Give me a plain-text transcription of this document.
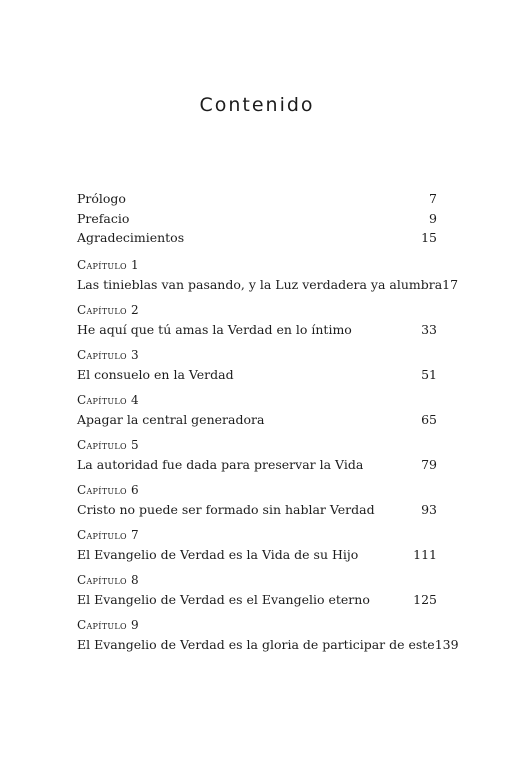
Contenido
Prólogo	7
Prefacio	9
Agradecimientos	15
Capítulo 1
Las tinieblas van pasando, y la Luz verdadera ya alumbra 17
Capítulo 2
He aquí que tú amas la Verdad en lo íntimo	33
Capítulo 3
El consuelo en la Verdad	51
Capítulo 4
Apagar la central generadora	65
Capítulo 5
La autoridad fue dada para preservar la Vida	79
Capítulo 6
Cristo no puede ser formado sin hablar Verdad	93
Capítulo 7
El Evangelio de Verdad es la Vida de su Hijo	111
Capítulo 8
El Evangelio de Verdad es el Evangelio eterno	125
Capítulo 9
El Evangelio de Verdad es la gloria de participar de este 139
